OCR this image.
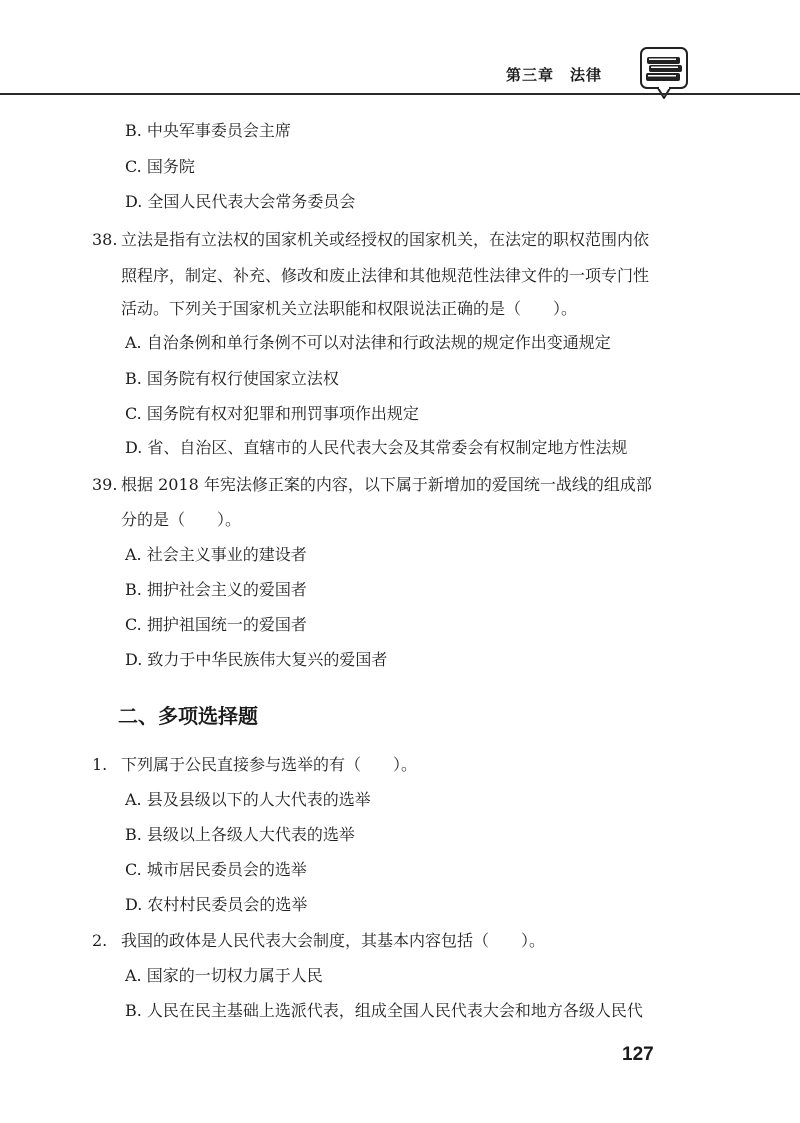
第三章 法律
B. 中央军事委员会主席
C. 国务院
D. 全国人民代表大会常务委员会
38. 立法是指有立法权的国家机关或经授权的国家机关，在法定的职权范围内依
照程序，制定、补充、修改和废止法律和其他规范性法律文件的一项专门性
活动。下列关于国家机关立法职能和权限说法正确的是（　　）。
A. 自治条例和单行条例不可以对法律和行政法规的规定作出变通规定
B. 国务院有权行使国家立法权
C. 国务院有权对犯罪和刑罚事项作出规定
D. 省、自治区、直辖市的人民代表大会及其常委会有权制定地方性法规
39. 根据 2018 年宪法修正案的内容，以下属于新增加的爱国统一战线的组成部
分的是（　　）。
A. 社会主义事业的建设者
B. 拥护社会主义的爱国者
C. 拥护祖国统一的爱国者
D. 致力于中华民族伟大复兴的爱国者
二、多项选择题
1. 下列属于公民直接参与选举的有（　　）。
A. 县及县级以下的人大代表的选举
B. 县级以上各级人大代表的选举
C. 城市居民委员会的选举
D. 农村村民委员会的选举
2. 我国的政体是人民代表大会制度，其基本内容包括（　　）。
A. 国家的一切权力属于人民
B. 人民在民主基础上选派代表，组成全国人民代表大会和地方各级人民代
127
